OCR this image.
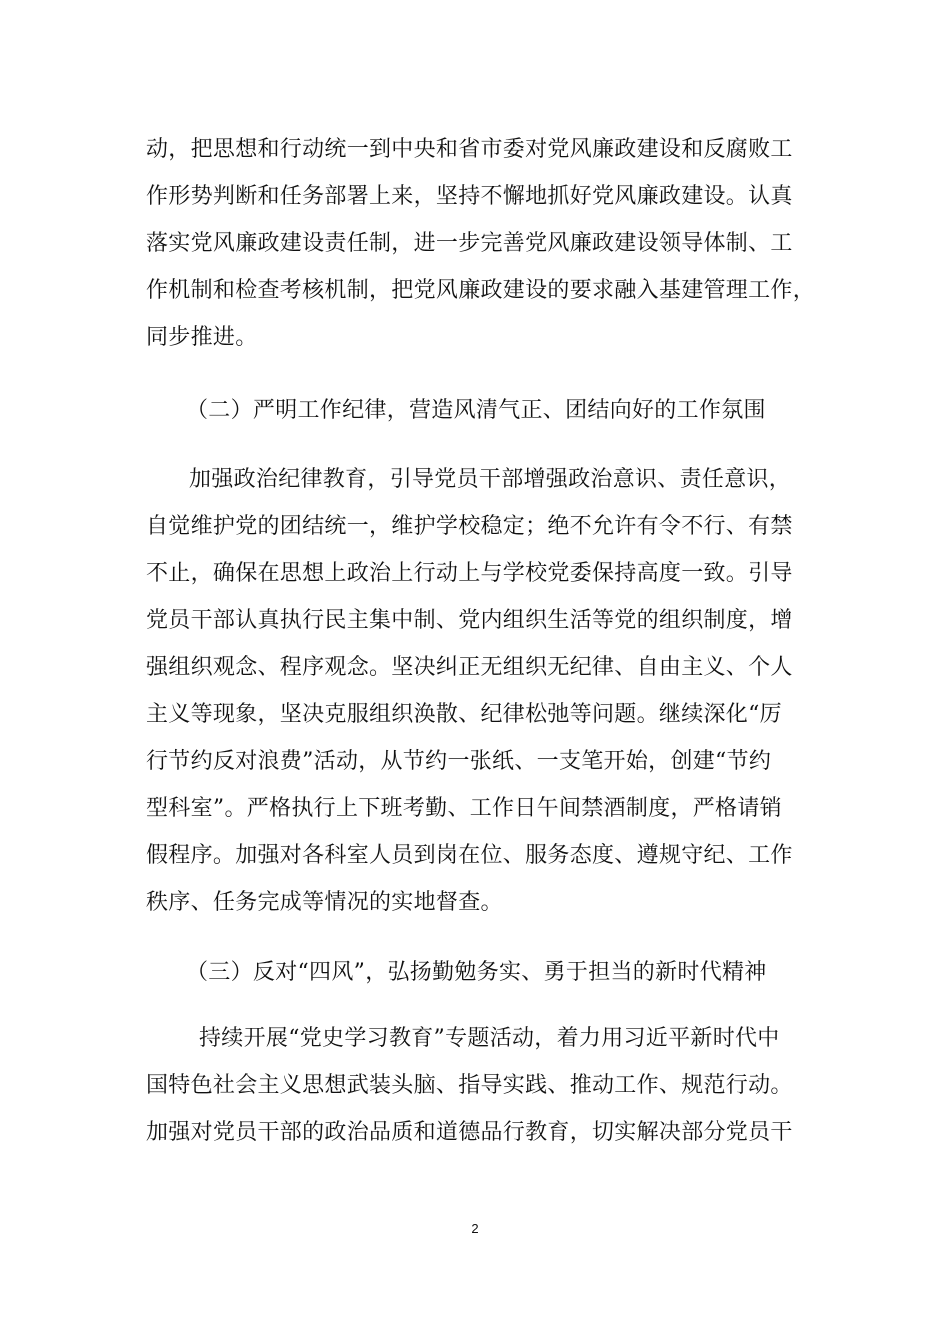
动，把思想和行动统一到中央和省市委对党风廉政建设和反腐败工
作形势判断和任务部署上来，坚持不懈地抓好党风廉政建设。认真
落实党风廉政建设责任制，进一步完善党风廉政建设领导体制、工
作机制和检查考核机制，把党风廉政建设的要求融入基建管理工作，
同步推进。
（二）严明工作纪律，营造风清气正、团结向好的工作氛围
加强政治纪律教育，引导党员干部增强政治意识、责任意识，
自觉维护党的团结统一，维护学校稳定；绝不允许有令不行、有禁
不止，确保在思想上政治上行动上与学校党委保持高度一致。引导
党员干部认真执行民主集中制、党内组织生活等党的组织制度，增
强组织观念、程序观念。坚决纠正无组织无纪律、自由主义、个人
主义等现象，坚决克服组织涣散、纪律松弛等问题。继续深化“厉
行节约反对浪费”活动，从节约一张纸、一支笔开始，创建“节约
型科室”。严格执行上下班考勤、工作日午间禁酒制度，严格请销
假程序。加强对各科室人员到岗在位、服务态度、遵规守纪、工作
秩序、任务完成等情况的实地督查。
（三）反对“四风”，弘扬勤勉务实、勇于担当的新时代精神
持续开展“党史学习教育”专题活动，着力用习近平新时代中
国特色社会主义思想武装头脑、指导实践、推动工作、规范行动。
加强对党员干部的政治品质和道德品行教育，切实解决部分党员干
2
